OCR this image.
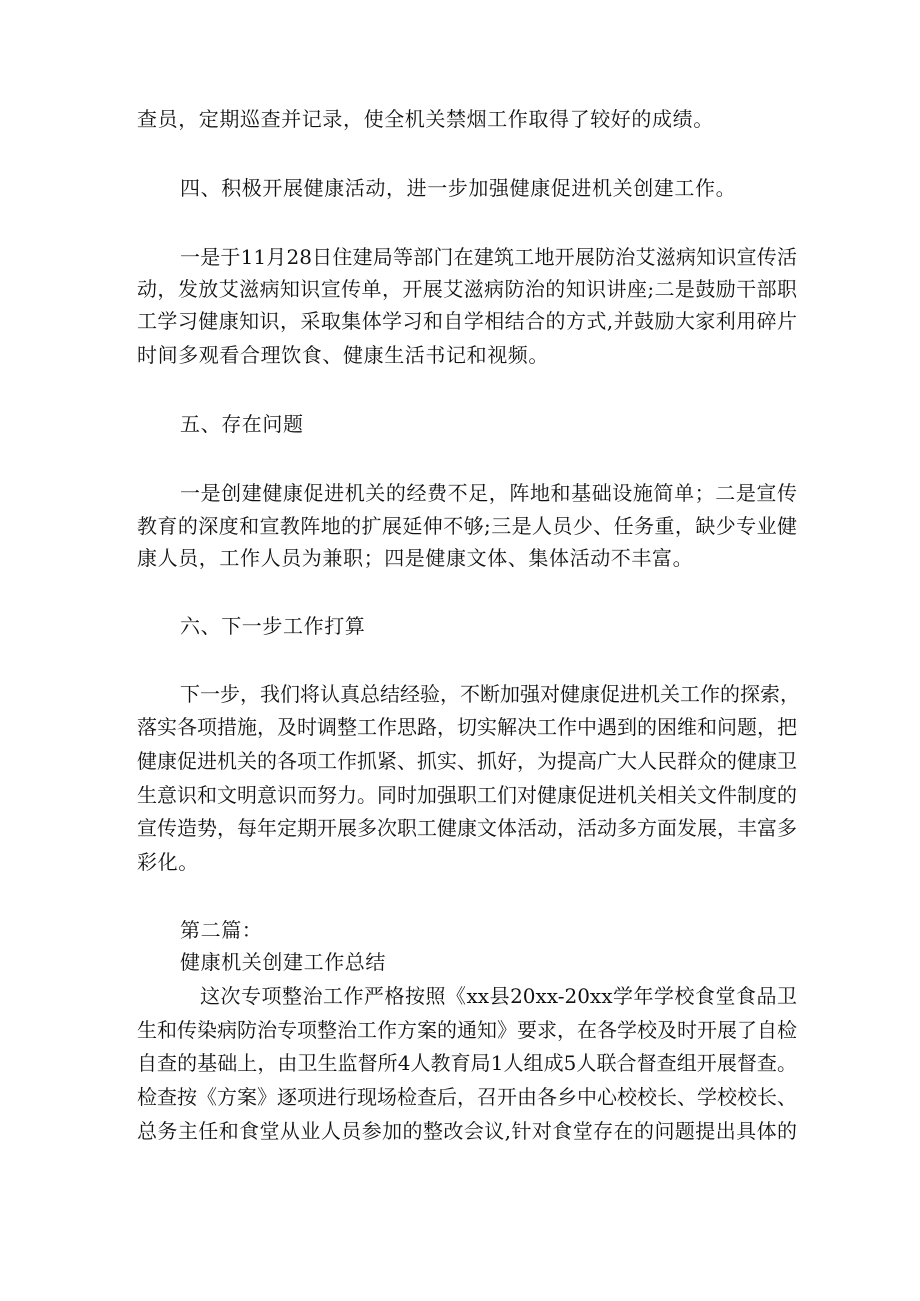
查员，定期巡查并记录，使全机关禁烟工作取得了较好的成绩。
四、积极开展健康活动，进一步加强健康促进机关创建工作。
一是于11月28日住建局等部门在建筑工地开展防治艾滋病知识宣传活
动，发放艾滋病知识宣传单，开展艾滋病防治的知识讲座;二是鼓励干部职
工学习健康知识，采取集体学习和自学相结合的方式,并鼓励大家利用碎片
时间多观看合理饮食、健康生活书记和视频。
五、存在问题
一是创建健康促进机关的经费不足，阵地和基础设施简单；二是宣传
教育的深度和宣教阵地的扩展延伸不够;三是人员少、任务重，缺少专业健
康人员，工作人员为兼职；四是健康文体、集体活动不丰富。
六、下一步工作打算
下一步，我们将认真总结经验，不断加强对健康促进机关工作的探索，
落实各项措施，及时调整工作思路，切实解决工作中遇到的困维和问题，把
健康促进机关的各项工作抓紧、抓实、抓好，为提高广大人民群众的健康卫
生意识和文明意识而努力。同时加强职工们对健康促进机关相关文件制度的
宣传造势，每年定期开展多次职工健康文体活动，活动多方面发展，丰富多
彩化。
第二篇：
健康机关创建工作总结
这次专项整治工作严格按照《xx县20xx-20xx学年学校食堂食品卫
生和传染病防治专项整治工作方案的通知》要求，在各学校及时开展了自检
自查的基础上，由卫生监督所4人教育局1人组成5人联合督查组开展督查。
检查按《方案》逐项进行现场检查后，召开由各乡中心校校长、学校校长、
总务主任和食堂从业人员参加的整改会议,针对食堂存在的问题提出具体的
